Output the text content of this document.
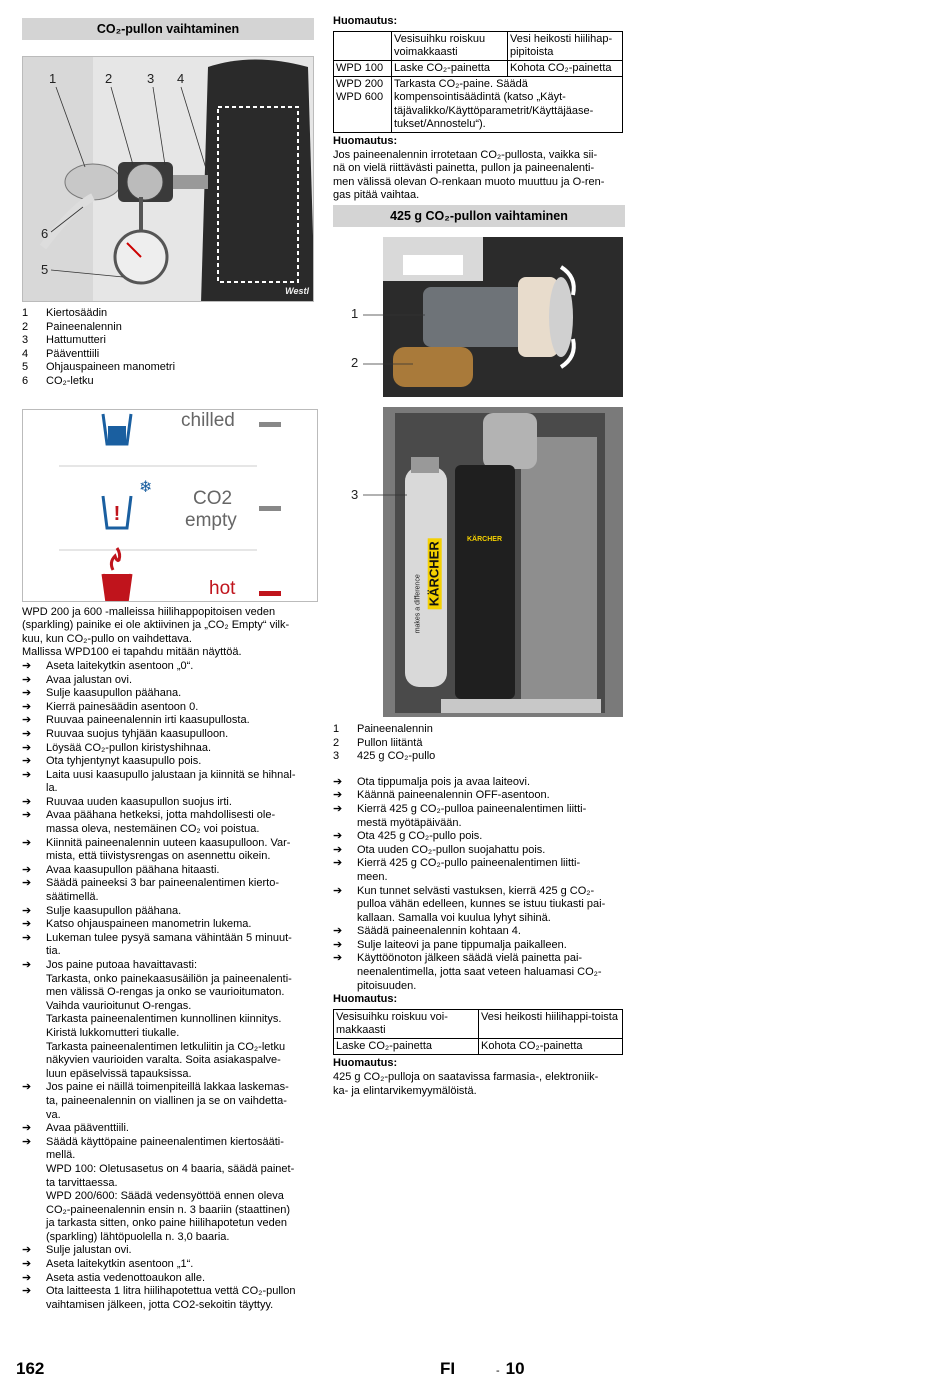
CO₂-pullon vaihtaminen
1	2	3 4
6
5
Westl
1	Kiertosäädin
2	Paineenalennin
3	Hattumutteri
4	Pääventtiili
5	Ohjauspaineen manometri
6	CO₂-letku
!
❄
chilled
CO2
empty
hot
WPD 200 ja 600 -malleissa hiilihappopitoisen veden
(sparkling) painike ei ole aktiivinen ja „CO₂ Empty“ vilk-
kuu, kun CO₂-pullo on vaihdettava.
Mallissa WPD100 ei tapahdu mitään näyttöä.
➔	Aseta laitekytkin asentoon „0“.
➔	Avaa jalustan ovi.
➔	Sulje kaasupullon päähana.
➔	Kierrä painesäädin asentoon 0.
➔	Ruuvaa paineenalennin irti kaasupullosta.
➔	Ruuvaa suojus tyhjään kaasupulloon.
➔	Löysää CO₂-pullon kiristyshihnaa.
➔	Ota tyhjentynyt kaasupullo pois.
➔	Laita uusi kaasupullo jalustaan ja kiinnitä se hihnal-
la.
➔	Ruuvaa uuden kaasupullon suojus irti.
➔	Avaa päähana hetkeksi, jotta mahdollisesti ole-
massa oleva, nestemäinen CO₂ voi poistua.
➔	Kiinnitä paineenalennin uuteen kaasupulloon. Var-
mista, että tiivistysrengas on asennettu oikein.
➔	Avaa kaasupullon päähana hitaasti.
➔	Säädä paineeksi 3 bar paineenalentimen kierto-
säätimellä.
➔	Sulje kaasupullon päähana.
➔	Katso ohjauspaineen manometrin lukema.
➔	Lukeman tulee pysyä samana vähintään 5 minuut-
tia.
➔	Jos paine putoaa havaittavasti:
Tarkasta, onko painekaasusäiliön ja paineenalenti-
men välissä O-rengas ja onko se vaurioitumaton.
Vaihda vaurioitunut O-rengas.
Tarkasta paineenalentimen kunnollinen kiinnitys.
Kiristä lukkomutteri tiukalle.
Tarkasta paineenalentimen letkuliitin ja CO₂-letku
näkyvien vaurioiden varalta. Soita asiakaspalve-
luun epäselvissä tapauksissa.
➔	Jos paine ei näillä toimenpiteillä lakkaa laskemas-
ta, paineenalennin on viallinen ja se on vaihdetta-
va.
➔	Avaa pääventtiili.
➔	Säädä käyttöpaine paineenalentimen kiertosääti-
mellä.
WPD 100: Oletusasetus on 4 baaria, säädä painet-
ta tarvittaessa.
WPD 200/600: Säädä vedensyöttöä ennen oleva
CO₂-paineenalennin ensin n. 3 baariin (staattinen)
ja tarkasta sitten, onko paine hiilihapotetun veden
(sparkling) lähtöpuolella n. 3,0 baaria.
➔	Sulje jalustan ovi.
➔	Aseta laitekytkin asentoon „1“.
➔	Aseta astia vedenottoaukon alle.
➔	Ota laitteesta 1 litra hiilihapotettua vettä CO₂-pullon
vaihtamisen jälkeen, jotta CO2-sekoitin täyttyy.
Huomautus:
	Vesisuihku roiskuu voimakkaasti	Vesi heikosti hiilihap-pipitoista
WPD 100	Laske CO₂-painetta	Kohota CO₂-painetta

WPD 200
WPD 600	Tarkasta CO₂-paine. Säädä kompensointisäädintä (katso „Käyt-täjävalikko/Käyttöparametrit/Käyttäjäase-tukset/Annostelu“).	
Huomautus:
Jos paineenalennin irrotetaan CO₂-pullosta, vaikka sii-
nä on vielä riittävästi painetta, pullon ja paineenalenti-
men välissä olevan O-renkaan muoto muuttuu ja O-ren-
gas pitää vaihtaa.
425 g CO₂-pullon vaihtaminen
1
2
3
KÄRCHER
makes a difference
KÄRCHER
1	Paineenalennin
2	Pullon liitäntä
3	425 g CO₂-pullo
➔	Ota tippumalja pois ja avaa laiteovi.
➔	Käännä paineenalennin OFF-asentoon.
➔	Kierrä 425 g CO₂-pulloa paineenalentimen liitti-
mestä myötäpäivään.
➔	Ota 425 g CO₂-pullo pois.
➔	Ota uuden CO₂-pullon suojahattu pois.
➔	Kierrä 425 g CO₂-pullo paineenalentimen liitti-
meen.
➔	Kun tunnet selvästi vastuksen, kierrä 425 g CO₂-
pulloa vähän edelleen, kunnes se istuu tiukasti pai-
kallaan. Samalla voi kuulua lyhyt sihinä.
➔	Säädä paineenalennin kohtaan 4.
➔	Sulje laiteovi ja pane tippumalja paikalleen.
➔	Käyttöönoton jälkeen säädä vielä painetta pai-
neenalentimella, jotta saat veteen haluamasi CO₂-
pitoisuuden.
Huomautus:
Vesisuihku roiskuu voi-makkaasti	Vesi heikosti hiilihappi-toista
Laske CO₂-painetta	Kohota CO₂-painetta
Huomautus:
425 g CO₂-pulloja on saatavissa farmasia-, elektroniik-
ka- ja elintarvikemyymälöistä.
162	FI	- 10
